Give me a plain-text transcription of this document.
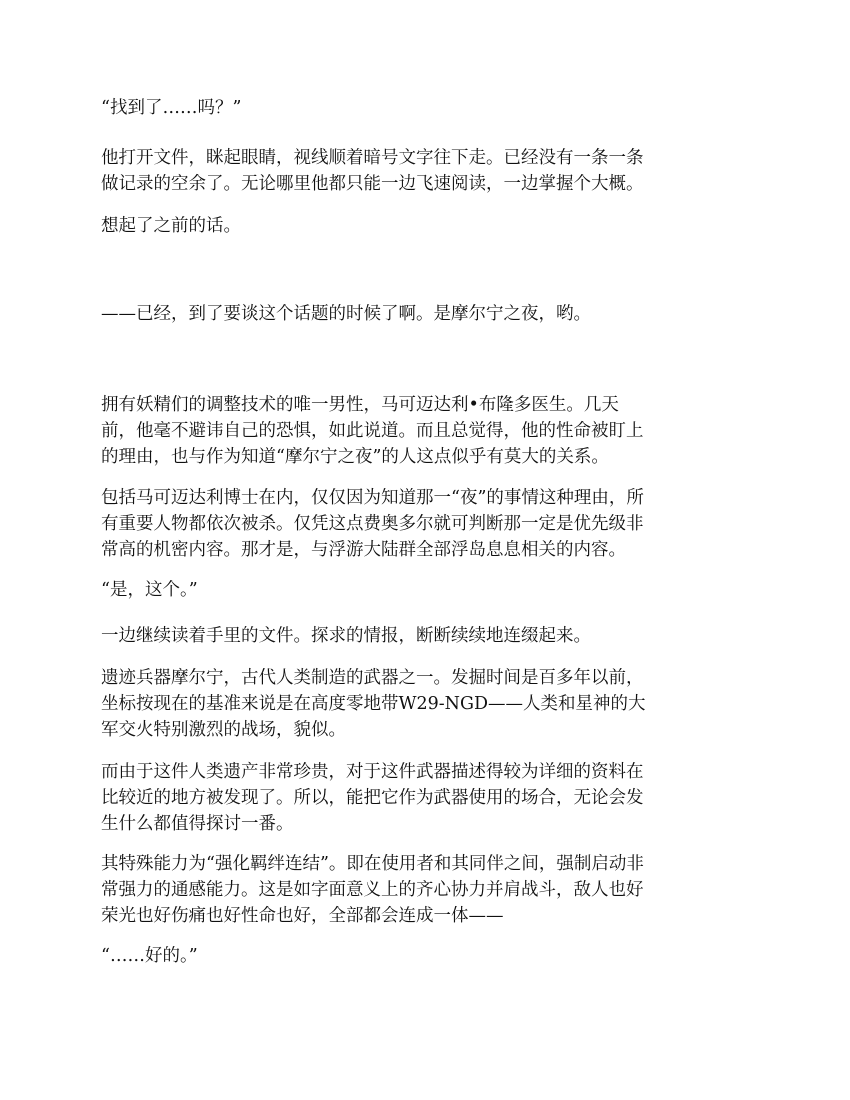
“找到了……吗？”

他打开文件，眯起眼睛，视线顺着暗号文字往下走。已经没有一条一条

做记录的空余了。无论哪里他都只能一边飞速阅读，一边掌握个大概。

想起了之前的话。

——已经，到了要谈这个话题的时候了啊。是摩尔宁之夜，哟。

拥有妖精们的调整技术的唯一男性，马可迈达利•布隆多医生。几天

前，他毫不避讳自己的恐惧，如此说道。而且总觉得，他的性命被盯上

的理由，也与作为知道“摩尔宁之夜”的人这点似乎有莫大的关系。

包括马可迈达利博士在内，仅仅因为知道那一“夜”的事情这种理由，所

有重要人物都依次被杀。仅凭这点费奥多尔就可判断那一定是优先级非

常高的机密内容。那才是，与浮游大陆群全部浮岛息息相关的内容。

“是，这个。”

一边继续读着手里的文件。探求的情报，断断续续地连缀起来。

遗迹兵器摩尔宁，古代人类制造的武器之一。发掘时间是百多年以前，

坐标按现在的基准来说是在高度零地带W29-NGD——人类和星神的大

军交火特别激烈的战场，貌似。

而由于这件人类遗产非常珍贵，对于这件武器描述得较为详细的资料在

比较近的地方被发现了。所以，能把它作为武器使用的场合，无论会发

生什么都值得探讨一番。

其特殊能力为“强化羁绊连结”。即在使用者和其同伴之间，强制启动非

常强力的通感能力。这是如字面意义上的齐心协力并肩战斗，敌人也好

荣光也好伤痛也好性命也好，全部都会连成一体——

“……好的。”
